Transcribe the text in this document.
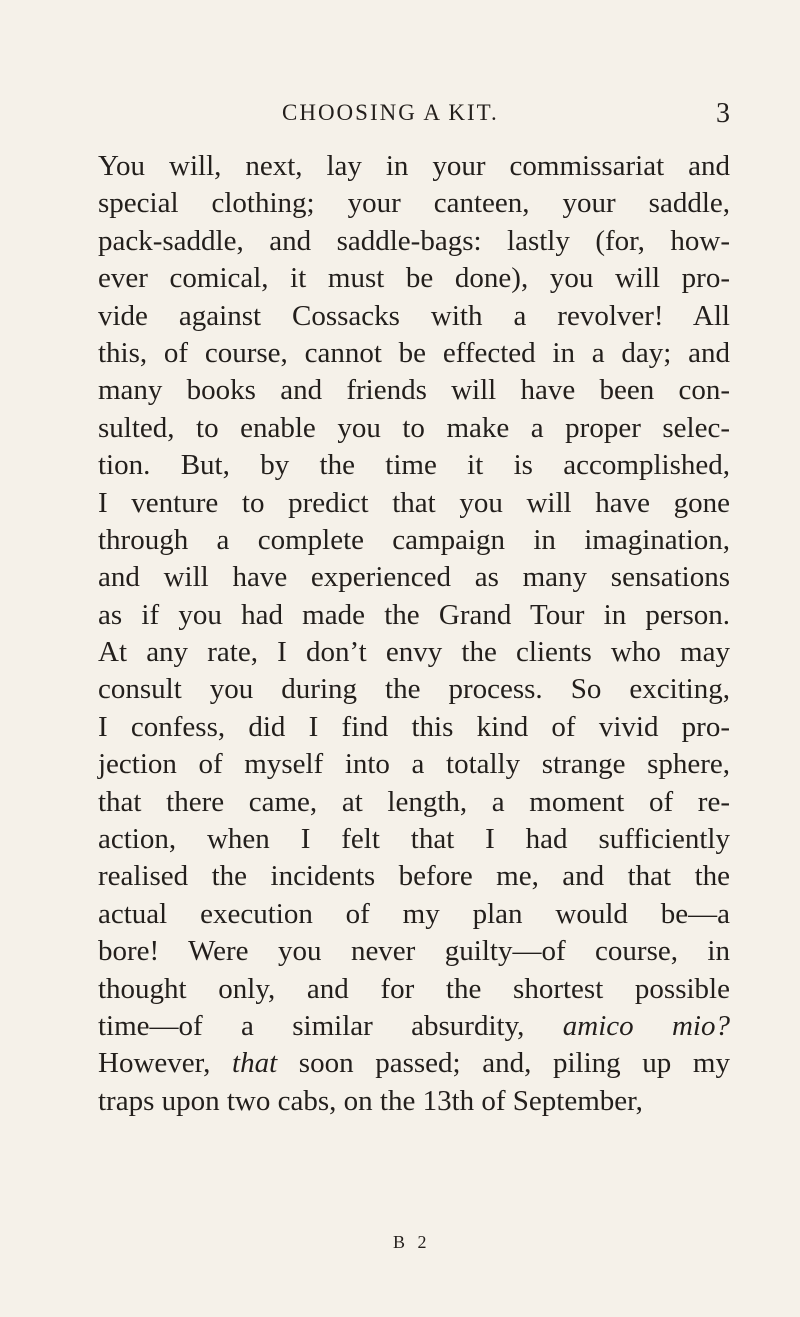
CHOOSING A KIT.	3
You will, next, lay in your commissariat and
special clothing; your canteen, your saddle,
pack-saddle, and saddle-bags: lastly (for, how-
ever comical, it must be done), you will pro-
vide against Cossacks with a revolver! All
this, of course, cannot be effected in a day; and
many books and friends will have been con-
sulted, to enable you to make a proper selec-
tion. But, by the time it is accomplished,
I venture to predict that you will have gone
through a complete campaign in imagination,
and will have experienced as many sensations
as if you had made the Grand Tour in person.
At any rate, I don’t envy the clients who may
consult you during the process. So exciting,
I confess, did I find this kind of vivid pro-
jection of myself into a totally strange sphere,
that there came, at length, a moment of re-
action, when I felt that I had sufficiently
realised the incidents before me, and that the
actual execution of my plan would be—a
bore! Were you never guilty—of course, in
thought only, and for the shortest possible
time—of a similar absurdity, amico mio?
However, that soon passed; and, piling up my
traps upon two cabs, on the 13th of September,
B 2
